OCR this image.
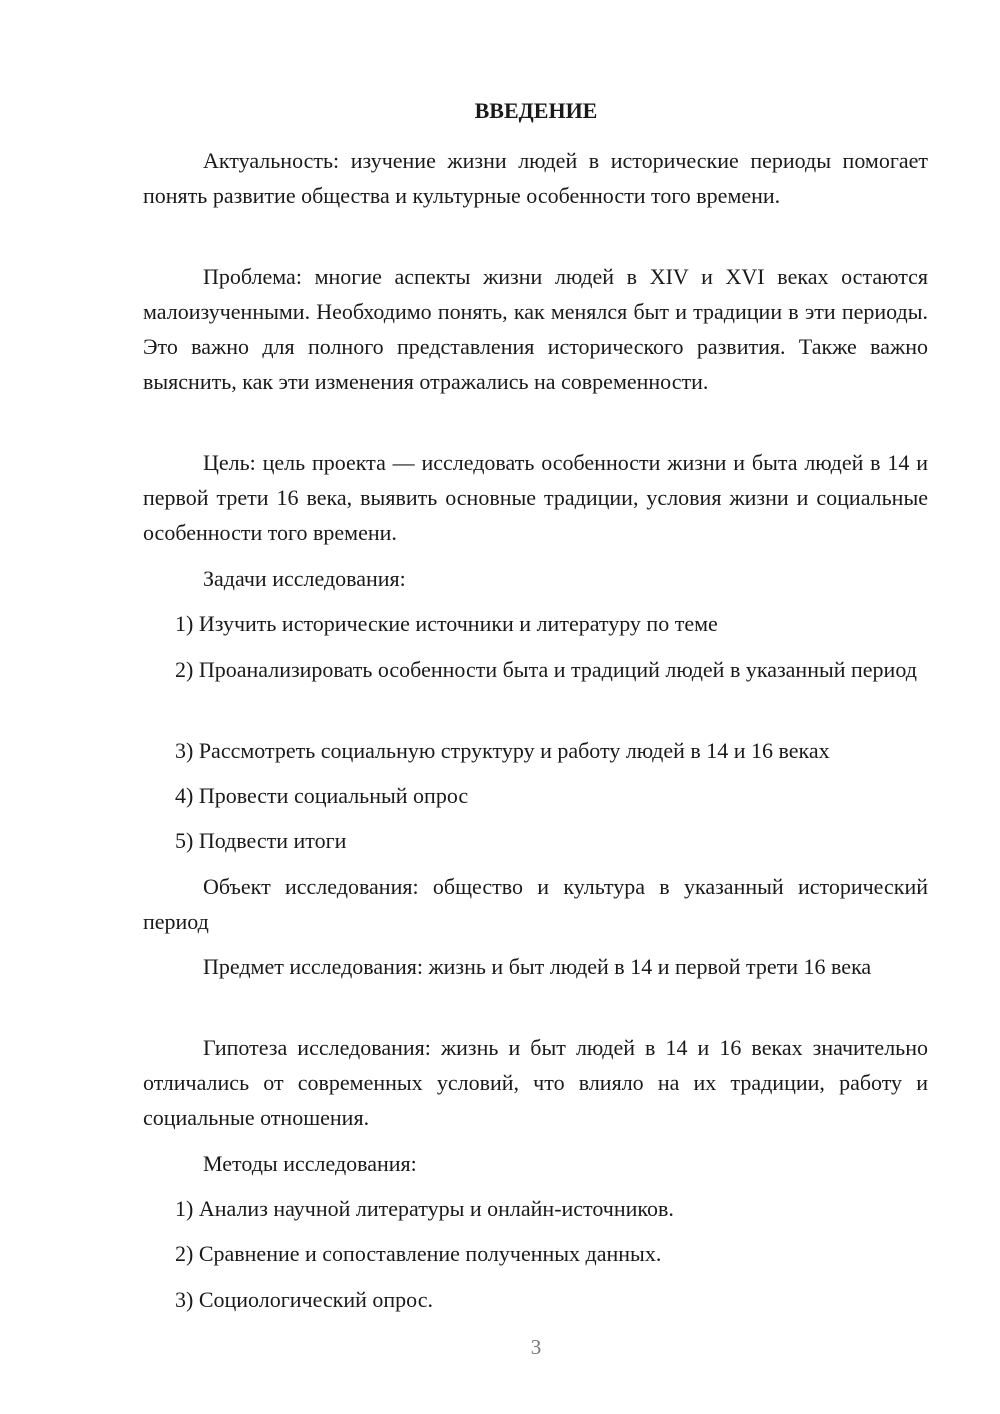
ВВЕДЕНИЕ

Актуальность: изучение жизни людей в исторические периоды помогает понять развитие общества и культурные особенности того времени.

Проблема: многие аспекты жизни людей в XIV и XVI веках остаются малоизученными. Необходимо понять, как менялся быт и традиции в эти периоды. Это важно для полного представления исторического развития. Также важно выяснить, как эти изменения отражались на современности.

Цель: цель проекта — исследовать особенности жизни и быта людей в 14 и первой трети 16 века, выявить основные традиции, условия жизни и социальные особенности того времени.

Задачи исследования:

1) Изучить исторические источники и литературу по теме

2) Проанализировать особенности быта и традиций людей в указанный период

3) Рассмотреть социальную структуру и работу людей в 14 и 16 веках

4) Провести социальный опрос

5) Подвести итоги

Объект исследования: общество и культура в указанный исторический период

Предмет исследования: жизнь и быт людей в 14 и первой трети 16 века

Гипотеза исследования: жизнь и быт людей в 14 и 16 веках значительно отличались от современных условий, что влияло на их традиции, работу и социальные отношения.

Методы исследования:

1) Анализ научной литературы и онлайн-источников.

2) Сравнение и сопоставление полученных данных.

3) Социологический опрос.

3
